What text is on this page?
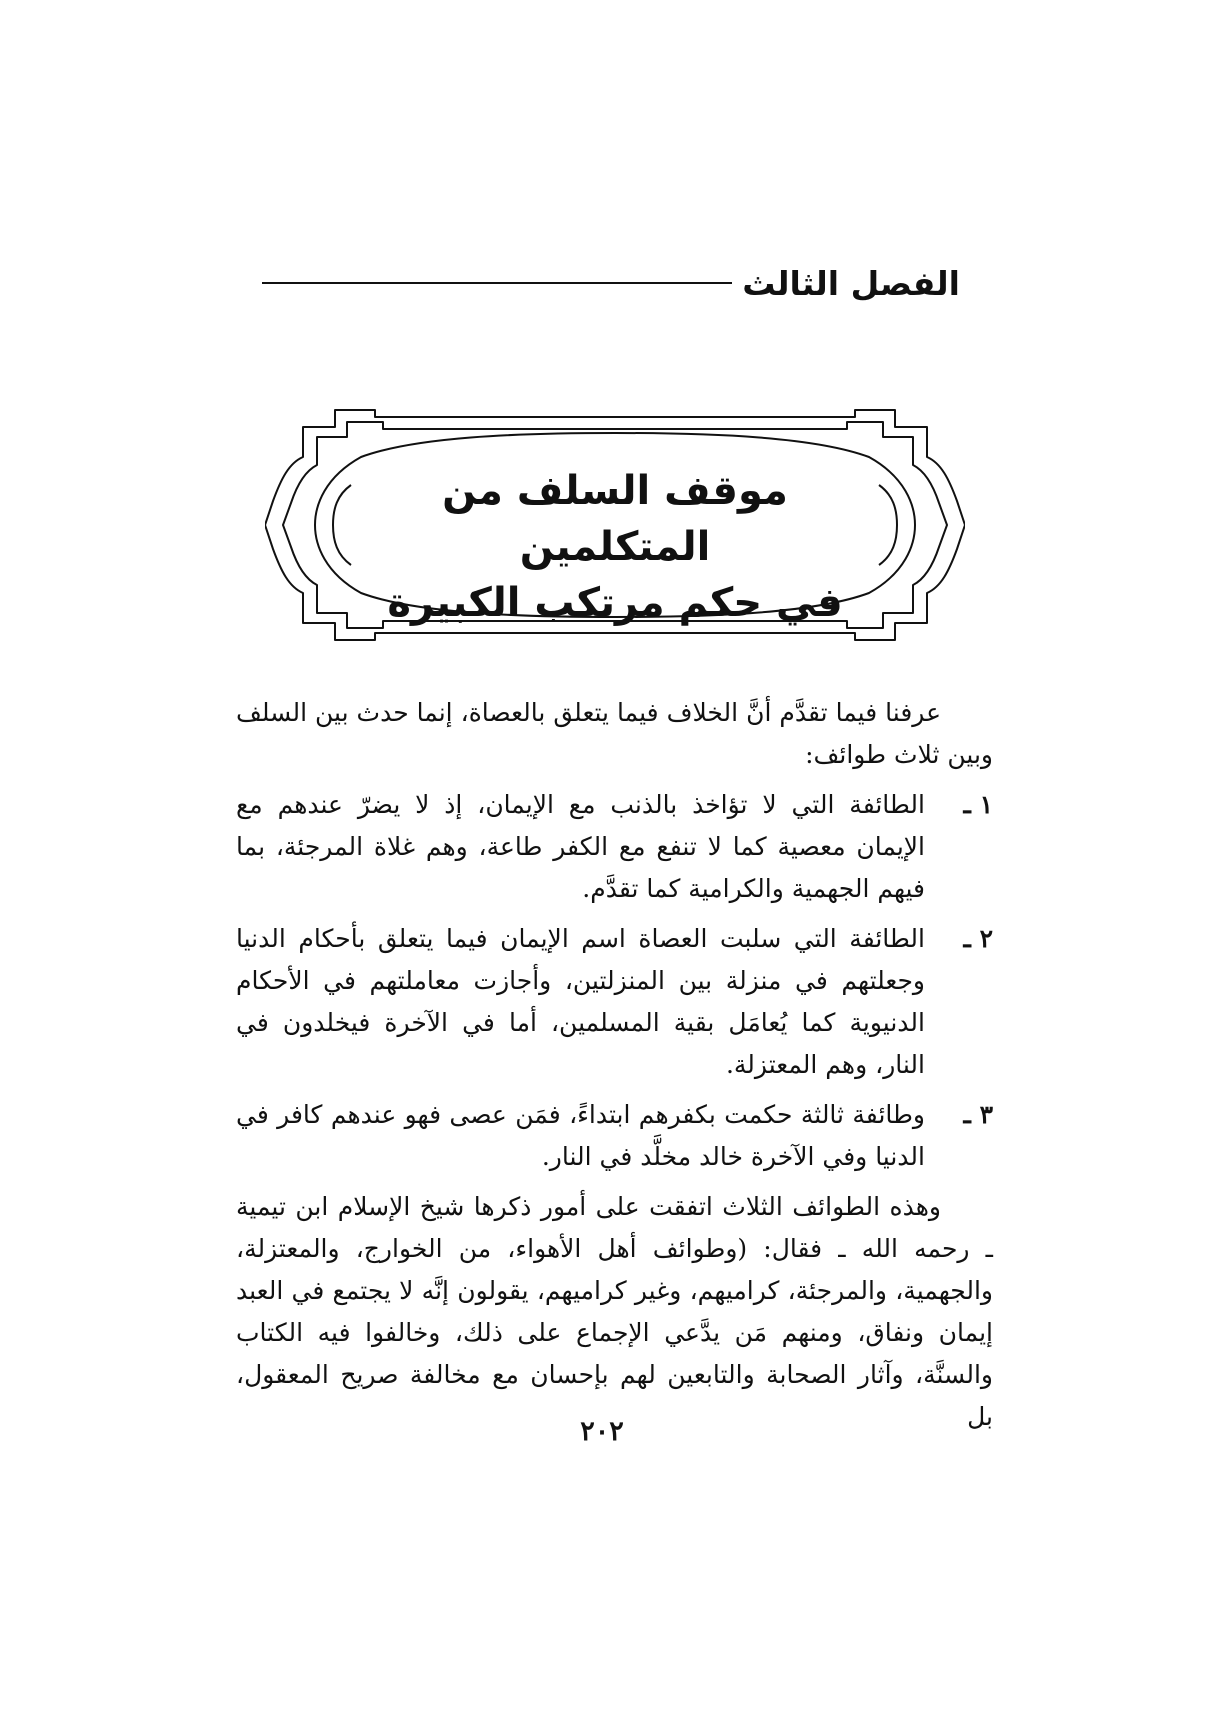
الفصل الثالث
موقف السلف من المتكلمين
في حكم مرتكب الكبيرة

عرفنا فيما تقدَّم أنَّ الخلاف فيما يتعلق بالعصاة، إنما حدث بين السلف وبين ثلاث طوائف:

١ ـ
الطائفة التي لا تؤاخذ بالذنب مع الإيمان، إذ لا يضرّ عندهم مع الإيمان معصية كما لا تنفع مع الكفر طاعة، وهم غلاة المرجئة، بما فيهم الجهمية والكرامية كما تقدَّم.
٢ ـ
الطائفة التي سلبت العصاة اسم الإيمان فيما يتعلق بأحكام الدنيا وجعلتهم في منزلة بين المنزلتين، وأجازت معاملتهم في الأحكام الدنيوية كما يُعامَل بقية المسلمين، أما في الآخرة فيخلدون في النار، وهم المعتزلة.
٣ ـ
وطائفة ثالثة حكمت بكفرهم ابتداءً، فمَن عصى فهو عندهم كافر في الدنيا وفي الآخرة خالد مخلَّد في النار.

وهذه الطوائف الثلاث اتفقت على أمور ذكرها شيخ الإسلام ابن تيمية ـ رحمه الله ـ فقال: (وطوائف أهل الأهواء، من الخوارج، والمعتزلة، والجهمية، والمرجئة، كراميهم، وغير كراميهم، يقولون إنَّه لا يجتمع في العبد إيمان ونفاق، ومنهم مَن يدَّعي الإجماع على ذلك، وخالفوا فيه الكتاب والسنَّة، وآثار الصحابة والتابعين لهم بإحسان مع مخالفة صريح المعقول، بل

٢٠٢
